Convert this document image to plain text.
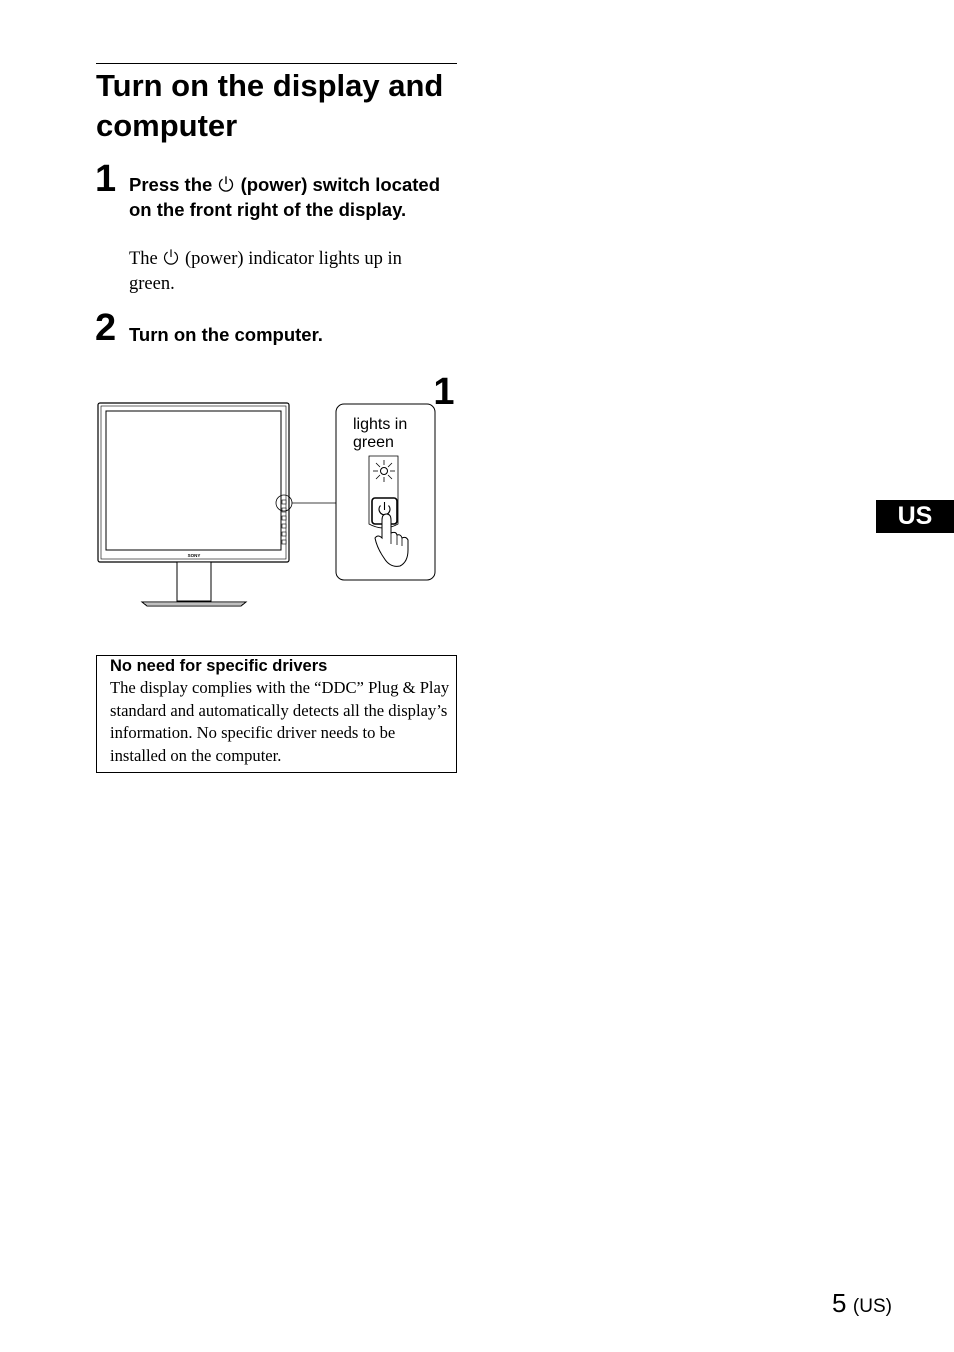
Turn on the display and computer
1 Press the (power) switch located on the front right of the display.
The (power) indicator lights up in green.
2 Turn on the computer.
SONY
lights in
green
1
No need for specific drivers
The display complies with the “DDC” Plug & Play standard and automatically detects all the display’s information. No specific driver needs to be installed on the computer.
US
5 (US)
